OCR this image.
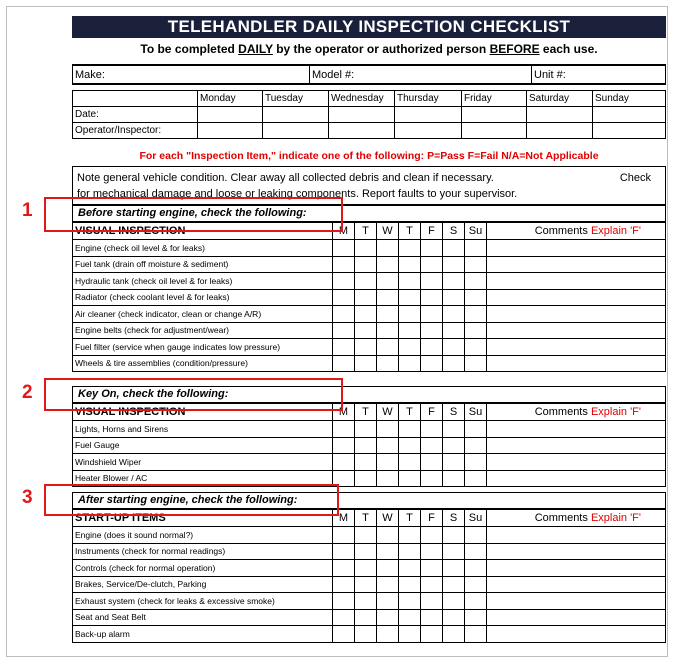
TELEHANDLER DAILY INSPECTION CHECKLIST
To be completed DAILY by the operator or authorized person BEFORE each use.
Make:	Model #:	Unit #:
	Monday	Tuesday	Wednesday	Thursday	Friday	Saturday	Sunday
Date:							
Operator/Inspector:							
For each "Inspection Item," indicate one of the following: P=Pass F=Fail N/A=Not Applicable
Note general vehicle condition. Clear away all collected debris and clean if necessary.	Check
for mechanical damage and loose or leaking components. Report faults to your supervisor.
Before starting engine, check the following:
VISUAL INSPECTION	M	T	W	T	F	S	Su	Comments Explain 'F'
Engine (check oil level & for leaks)								
Fuel tank (drain off moisture & sediment)								
Hydraulic tank (check oil level & for leaks)								
Radiator (check coolant level & for leaks)								
Air cleaner (check indicator, clean or change A/R)								
Engine belts (check for adjustment/wear)								
Fuel filter (service when gauge indicates low pressure)								
Wheels & tire assemblies (condition/pressure)								
Key On, check the following:
VISUAL INSPECTION	M	T	W	T	F	S	Su	Comments Explain 'F'
Lights, Horns and Sirens								
Fuel Gauge								
Windshield Wiper								
Heater Blower / AC								
After starting engine, check the following:
START-UP ITEMS	M	T	W	T	F	S	Su	Comments Explain 'F'
Engine (does it sound normal?)								
Instruments (check for normal readings)								
Controls (check for normal operation)								
Brakes, Service/De-clutch, Parking								
Exhaust system (check for leaks & excessive smoke)								
Seat and Seat Belt								
Back-up alarm								
1
2
3
